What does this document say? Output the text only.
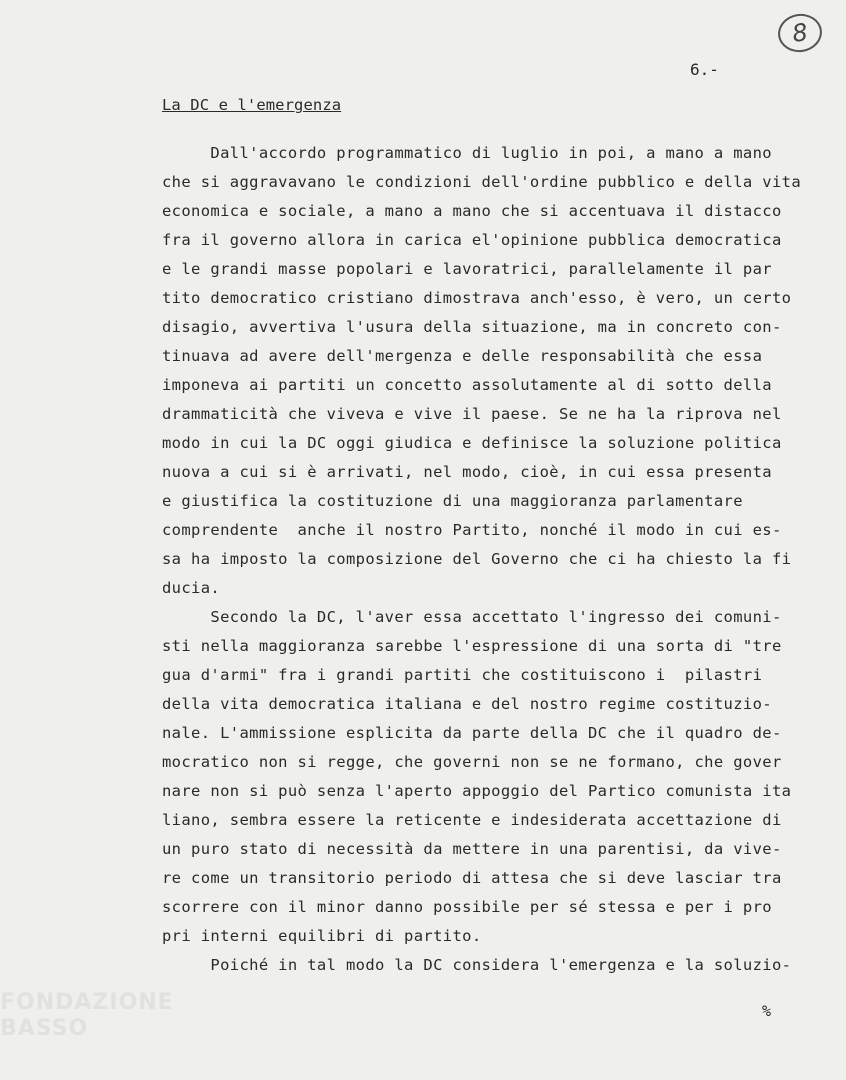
8
6.-
La DC e l'emergenza
Dall'accordo programmatico di luglio in poi, a mano a mano
che si aggravavano le condizioni dell'ordine pubblico e della vita
economica e sociale, a mano a mano che si accentuava il distacco
fra il governo allora in carica el'opinione pubblica democratica
e le grandi masse popolari e lavoratrici, parallelamente il par
tito democratico cristiano dimostrava anch'esso, è vero, un certo
disagio, avvertiva l'usura della situazione, ma in concreto con-
tinuava ad avere dell'mergenza e delle responsabilità che essa
imponeva ai partiti un concetto assolutamente al di sotto della
drammaticità che viveva e vive il paese. Se ne ha la riprova nel
modo in cui la DC oggi giudica e definisce la soluzione politica
nuova a cui si è arrivati, nel modo, cioè, in cui essa presenta
e giustifica la costituzione di una maggioranza parlamentare
comprendente  anche il nostro Partito, nonché il modo in cui es-
sa ha imposto la composizione del Governo che ci ha chiesto la fi
ducia.
Secondo la DC, l'aver essa accettato l'ingresso dei comuni-
sti nella maggioranza sarebbe l'espressione di una sorta di "tre
gua d'armi" fra i grandi partiti che costituiscono i  pilastri
della vita democratica italiana e del nostro regime costituzio-
nale. L'ammissione esplicita da parte della DC che il quadro de-
mocratico non si regge, che governi non se ne formano, che gover
nare non si può senza l'aperto appoggio del Partico comunista ita
liano, sembra essere la reticente e indesiderata accettazione di
un puro stato di necessità da mettere in una parentisi, da vive-
re come un transitorio periodo di attesa che si deve lasciar tra
scorrere con il minor danno possibile per sé stessa e per i pro
pri interni equilibri di partito.
Poiché in tal modo la DC considera l'emergenza e la soluzio-
%
FONDAZIONE BASSO
